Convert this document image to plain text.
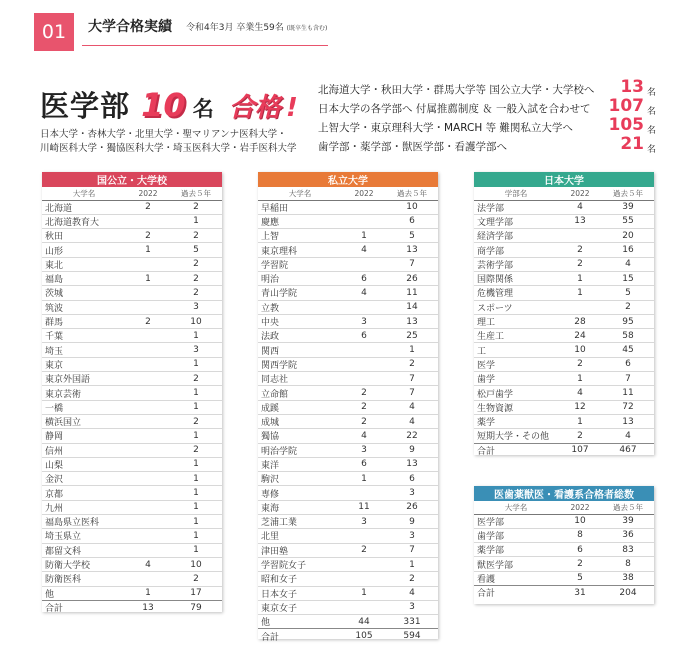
01	大学合格実績 令和4年3月 卒業生59名 (既卒生も含む)
医学部 10 名 合格 !
日本大学・杏林大学・北里大学・聖マリアンナ医科大学・
川崎医科大学・獨協医科大学・埼玉医科大学・岩手医科大学
北海道大学・秋田大学・群馬大学等 国公立大学・大学校へ 13 名
日本大学の各学部へ 付属推薦制度 ＆ 一般入試を合わせて 107 名
上智大学・東京理科大学・MARCH 等 難関私立大学へ 105 名
歯学部・薬学部・獣医学部・看護学部へ	21 名
国公立・大学校		
大学名	2022	過去５年
北海道	2	2
北海道教育大		1
秋田	2	2
山形	1	5
東北		2
福島	1	2
茨城		2
筑波		3
群馬	2	10
千葉		1
埼玉		3
東京		1
東京外国語		2
東京芸術		1
一橋		1
横浜国立		2
静岡		1
信州		2
山梨		1
金沢		1
京都		1
九州		1
福島県立医科		1
埼玉県立		1
都留文科		1
防衛大学校	4	10
防衛医科		2
他	1	17
合計	13	79
私立大学		
大学名	2022	過去５年
早稲田		10
慶應		6
上智	1	5
東京理科	4	13
学習院		7
明治	6	26
青山学院	4	11
立教		14
中央	3	13
法政	6	25
関西		1
関西学院		2
同志社		7
立命館	2	7
成蹊	2	4
成城	2	4
獨協	4	22
明治学院	3	9
東洋	6	13
駒沢	1	6
専修		3
東海	11	26
芝浦工業	3	9
北里		3
津田塾	2	7
学習院女子		1
昭和女子		2
日本女子	1	4
東京女子		3
他	44	331
合計	105	594
日本大学		
学部名	2022	過去５年
法学部	4	39
文理学部	13	55
経済学部		20
商学部	2	16
芸術学部	2	4
国際関係	1	15
危機管理	1	5
スポーツ		2
理工	28	95
生産工	24	58
工	10	45
医学	2	6
歯学	1	7
松戸歯学	4	11
生物資源	12	72
薬学	1	13
短期大学・その他	2	4
合計	107	467
医歯薬獣医・看護系合格者総数		
大学名	2022	過去５年
医学部	10	39
歯学部	8	36
薬学部	6	83
獣医学部	2	8
看護	5	38
合計	31	204
